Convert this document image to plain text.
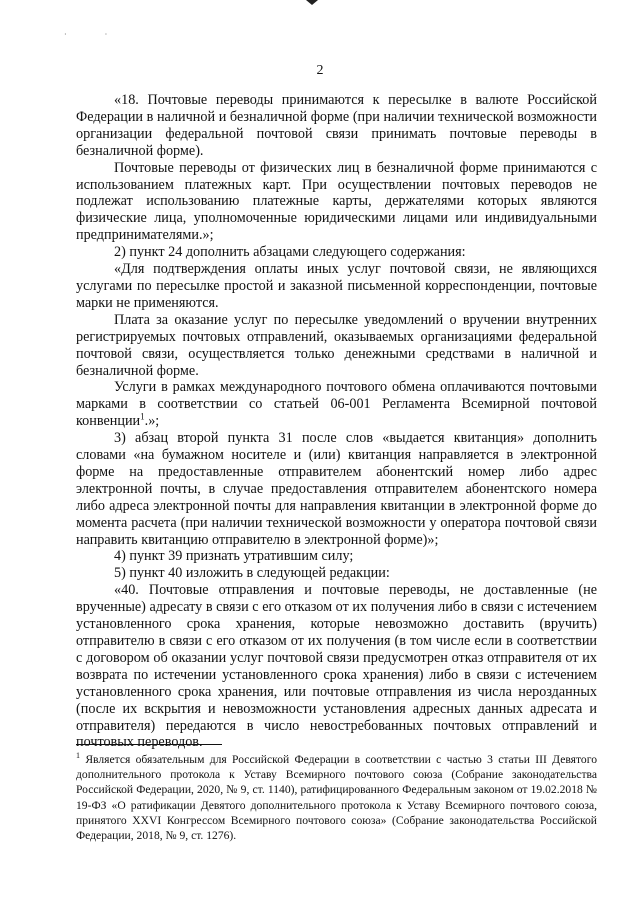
· ·
2

«18. Почтовые переводы принимаются к пересылке в валюте Российской Федерации в наличной и безналичной форме (при наличии технической возможности организации федеральной почтовой связи принимать почтовые переводы в безналичной форме).

Почтовые переводы от физических лиц в безналичной форме принимаются с использованием платежных карт. При осуществлении почтовых переводов не подлежат использованию платежные карты, держателями которых являются физические лица, уполномоченные юридическими лицами или индивидуальными предпринимателями.»;

2) пункт 24 дополнить абзацами следующего содержания:

«Для подтверждения оплаты иных услуг почтовой связи, не являющихся услугами по пересылке простой и заказной письменной корреспонденции, почтовые марки не применяются.

Плата за оказание услуг по пересылке уведомлений о вручении внутренних регистрируемых почтовых отправлений, оказываемых организациями федеральной почтовой связи, осуществляется только денежными средствами в наличной и безналичной форме.

Услуги в рамках международного почтового обмена оплачиваются почтовыми марками в соответствии со статьей 06-001 Регламента Всемирной почтовой конвенции$^1$.»;

3) абзац второй пункта 31 после слов «выдается квитанция» дополнить словами «на бумажном носителе и (или) квитанция направляется в электронной форме на предоставленные отправителем абонентский номер либо адрес электронной почты, в случае предоставления отправителем абонентского номера либо адреса электронной почты для направления квитанции в электронной форме до момента расчета (при наличии технической возможности у оператора почтовой связи направить квитанцию отправителю в электронной форме)»;

4) пункт 39 признать утратившим силу;

5) пункт 40 изложить в следующей редакции:

«40. Почтовые отправления и почтовые переводы, не доставленные (не врученные) адресату в связи с его отказом от их получения либо в связи с истечением установленного срока хранения, которые невозможно доставить (вручить) отправителю в связи с его отказом от их получения (в том числе если в соответствии с договором об оказании услуг почтовой связи предусмотрен отказ отправителя от их возврата по истечении установленного срока хранения) либо в связи с истечением установленного срока хранения, или почтовые отправления из числа нерозданных (после их вскрытия и невозможности установления адресных данных адресата и отправителя) передаются в число невостребованных почтовых отправлений и почтовых переводов.

$^1$ Является обязательным для Российской Федерации в соответствии с частью 3 статьи III Девятого дополнительного протокола к Уставу Всемирного почтового союза (Собрание законодательства Российской Федерации, 2020, № 9, ст. 1140), ратифицированного Федеральным законом от 19.02.2018 № 19-ФЗ «О ратификации Девятого дополнительного протокола к Уставу Всемирного почтового союза, принятого XXVI Конгрессом Всемирного почтового союза» (Собрание законодательства Российской Федерации, 2018, № 9, ст. 1276).
